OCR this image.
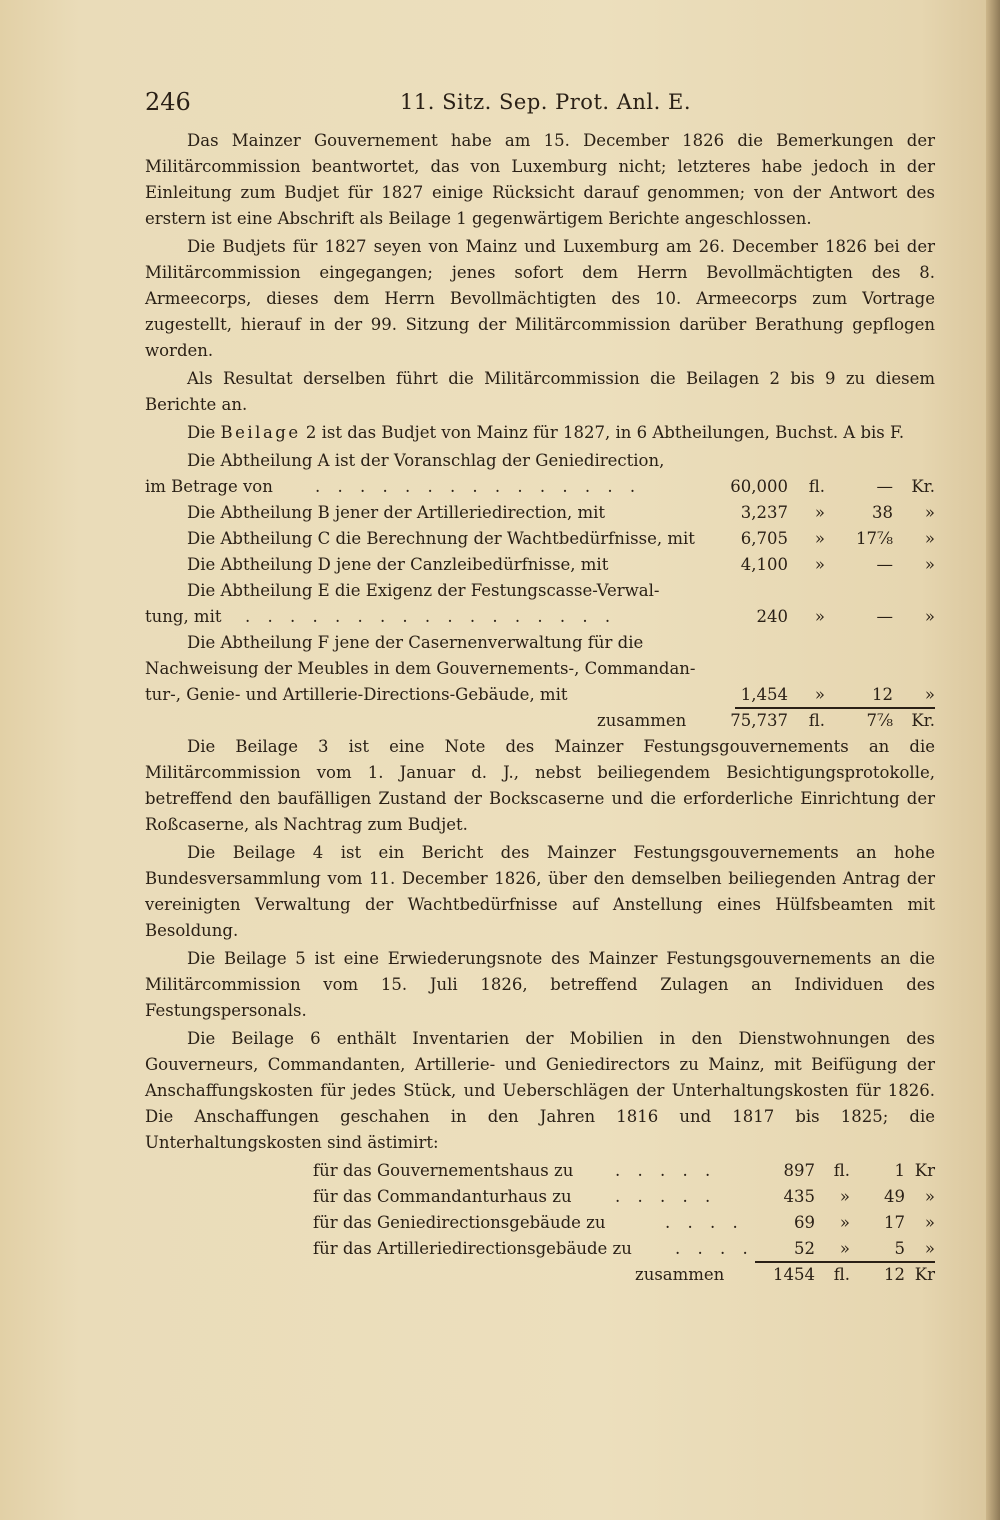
246	11. Sitz. Sep. Prot. Anl. E.

Das Mainzer Gouvernement habe am 15. December 1826 die Bemerkungen der Militärcommission beantwortet, das von Luxemburg nicht; letzteres habe jedoch in der Einleitung zum Budjet für 1827 einige Rücksicht darauf genommen; von der Antwort des erstern ist eine Abschrift als Beilage 1 gegenwärtigem Berichte angeschlossen.

Die Budjets für 1827 seyen von Mainz und Luxemburg am 26. December 1826 bei der Militärcommission eingegangen; jenes sofort dem Herrn Bevollmächtigten des 8. Armeecorps, dieses dem Herrn Bevollmächtigten des 10. Armeecorps zum Vortrage zugestellt, hierauf in der 99. Sitzung der Militärcommission darüber Berathung gepflogen worden.

Als Resultat derselben führt die Militärcommission die Beilagen 2 bis 9 zu diesem Berichte an.

Die Beilage 2 ist das Budjet von Mainz für 1827, in 6 Abtheilungen, Buchst. A bis F.

Die Abtheilung A ist der Voranschlag der Geniedirection,
im Betrage von	. . . . . . . . . . . . . . .	60,000 fl.	— Kr.
Die Abtheilung B jener der Artilleriedirection, mit	3,237 »	38 »
Die Abtheilung C die Berechnung der Wachtbedürfnisse, mit	6,705 » 17⅞ »
Die Abtheilung D jene der Canzleibedürfnisse, mit	4,100 »	— »
Die Abtheilung E die Exigenz der Festungscasse-Verwal-
tung, mit . . . . . . . . . . . . . . . . .	240 »	— »
Die Abtheilung F jene der Casernenverwaltung für die
Nachweisung der Meubles in dem Gouvernements-, Commandan-
tur-, Genie- und Artillerie-Directions-Gebäude, mit	1,454 »	12 »
zusammen	75,737 fl.	7⅞ Kr.

Die Beilage 3 ist eine Note des Mainzer Festungsgouvernements an die Militärcommission vom 1. Januar d. J., nebst beiliegendem Besichtigungsprotokolle, betreffend den baufälligen Zustand der Bockscaserne und die erforderliche Einrichtung der Roßcaserne, als Nachtrag zum Budjet.

Die Beilage 4 ist ein Bericht des Mainzer Festungsgouvernements an hohe Bundesversammlung vom 11. December 1826, über den demselben beiliegenden Antrag der vereinigten Verwaltung der Wachtbedürfnisse auf Anstellung eines Hülfsbeamten mit Besoldung.

Die Beilage 5 ist eine Erwiederungsnote des Mainzer Festungsgouvernements an die Militärcommission vom 15. Juli 1826, betreffend Zulagen an Individuen des Festungspersonals.

Die Beilage 6 enthält Inventarien der Mobilien in den Dienstwohnungen des Gouverneurs, Commandanten, Artillerie- und Geniedirectors zu Mainz, mit Beifügung der Anschaffungskosten für jedes Stück, und Ueberschlägen der Unterhaltungskosten für 1826. Die Anschaffungen geschahen in den Jahren 1816 und 1817 bis 1825; die Unterhaltungskosten sind ästimirt:

für das Gouvernementshaus zu	. . . . .	897 fl.	1 Kr
für das Commandanturhaus zu	. . . . .	435 » 49 »
für das Geniedirectionsgebäude zu	. . . .	69 » 17 »
für das Artilleriedirectionsgebäude zu	. . . . 52 »	5 »
zusammen	1454 fl. 12 Kr
